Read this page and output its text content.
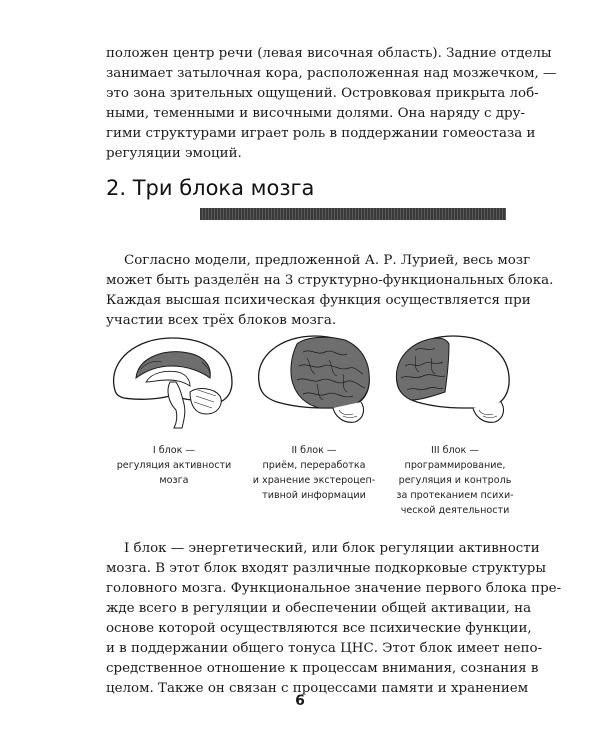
положен центр речи (левая височная область). Задние отделы
занимает затылочная кора, расположенная над мозжечком, —
это зона зрительных ощущений. Островковая прикрыта лоб-
ными, теменными и височными долями. Она наряду с дру-
гими структурами играет роль в поддержании гомеостаза и
регуляции эмоций.
2. Три блока мозга
Согласно модели, предложенной А. Р. Лурией, весь мозг
может быть разделён на 3 структурно-функциональных блока.
Каждая высшая психическая функция осуществляется при
участии всех трёх блоков мозга.
I блок —
регуляция активности
мозга
II блок —
приём, переработка
и хранение экстероцеп-
тивной информации
III блок —
программирование,
регуляция и контроль
за протеканием психи-
ческой деятельности
I блок — энергетический, или блок регуляции активности
мозга. В этот блок входят различные подкорковые структуры
головного мозга. Функциональное значение первого блока пре-
жде всего в регуляции и обеспечении общей активации, на
основе которой осуществляются все психические функции,
и в поддержании общего тонуса ЦНС. Этот блок имеет непо-
средственное отношение к процессам внимания, сознания в
целом. Также он связан с процессами памяти и хранением
6
